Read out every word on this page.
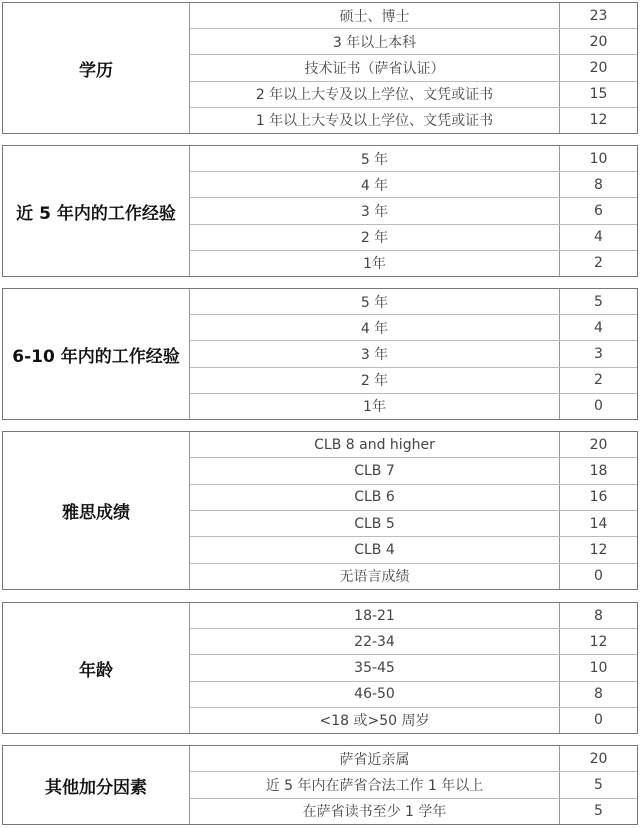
学历
硕士、博士	23
3 年以上本科	20
技术证书（萨省认证）	20
2 年以上大专及以上学位、文凭或证书	15
1 年以上大专及以上学位、文凭或证书	12
近 5 年内的工作经验
5 年	10
4 年	8
3 年	6
2 年	4
1年	2
6-10 年内的工作经验
5 年	5
4 年	4
3 年	3
2 年	2
1年	0
雅思成绩
CLB 8 and higher	20
CLB 7	18
CLB 6	16
CLB 5	14
CLB 4	12
无语言成绩	0
年龄
18-21	8
22-34	12
35-45	10
46-50	8
<18 或>50 周岁	0
其他加分因素
萨省近亲属	20
近 5 年内在萨省合法工作 1 年以上	5
在萨省读书至少 1 学年	5
